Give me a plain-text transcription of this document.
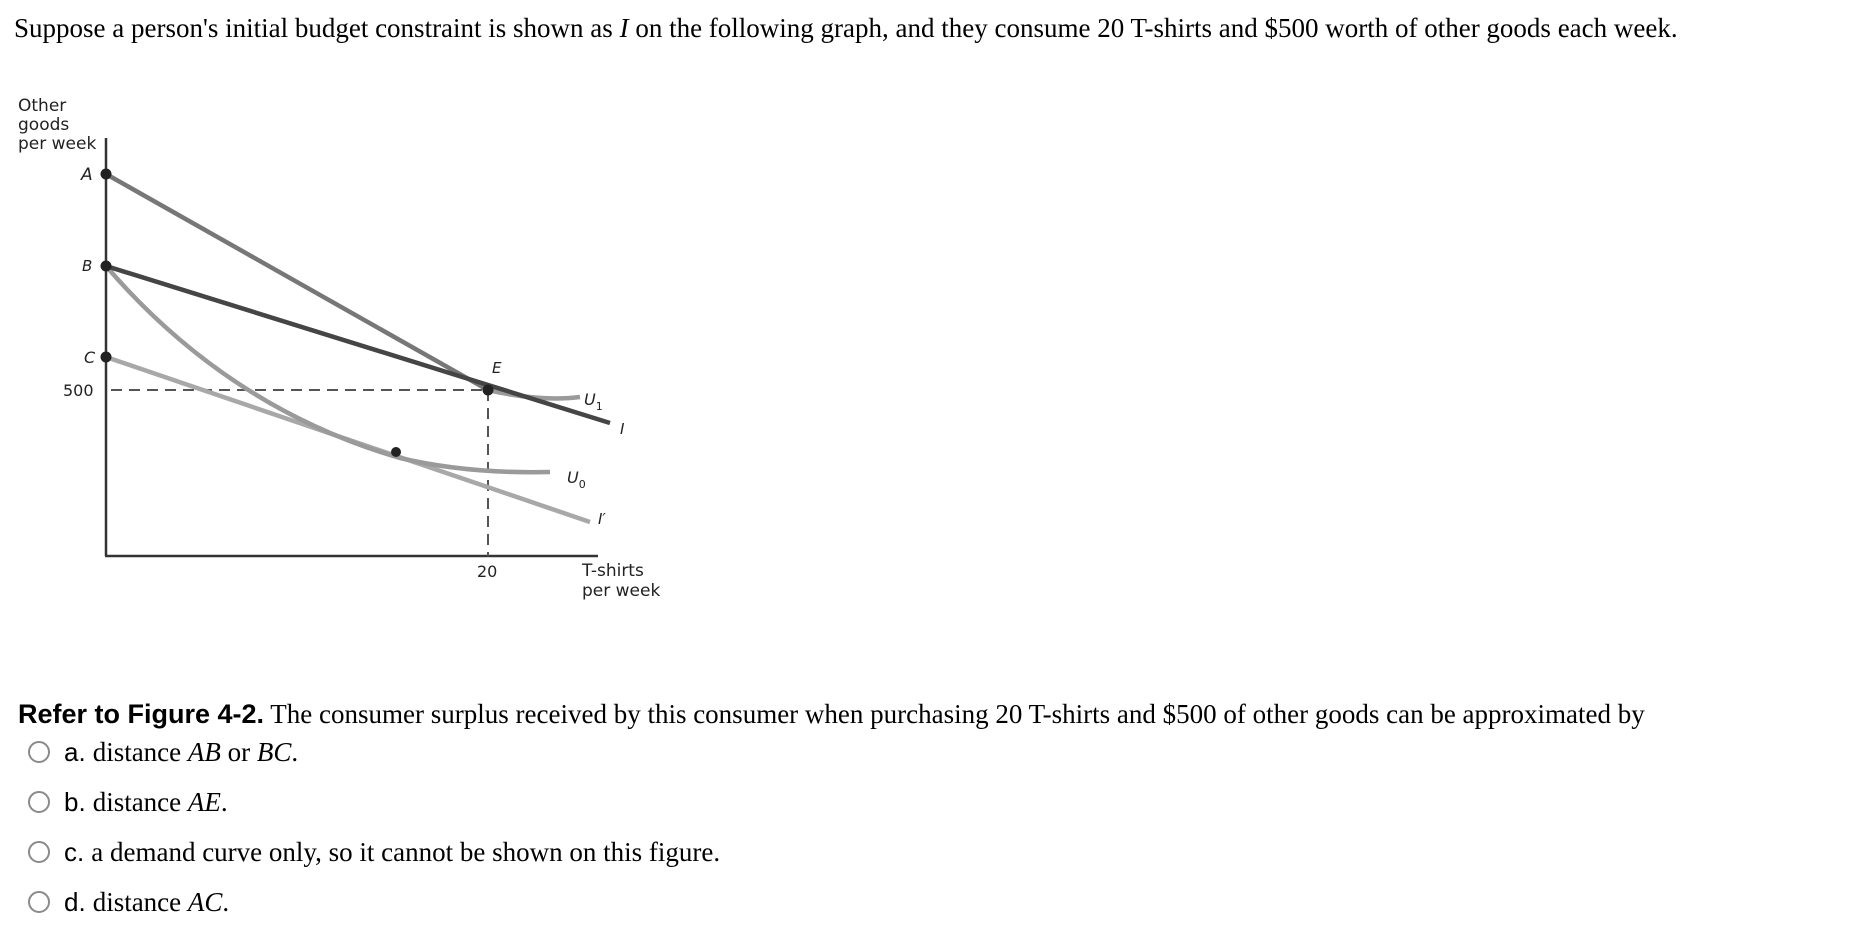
Suppose a person's initial budget constraint is shown as I on the following graph, and they consume 20 T-shirts and $500 worth of other goods each week.
Other
goods
per week
A
B
C
E
500
20
$U_1$
$U_0$
I
I′
T-shirts
per week
Refer to Figure 4-2. The consumer surplus received by this consumer when purchasing 20 T-shirts and $500 of other goods can be approximated by
a. distance AB or BC.
b. distance AE.
c. a demand curve only, so it cannot be shown on this figure.
d. distance AC.
